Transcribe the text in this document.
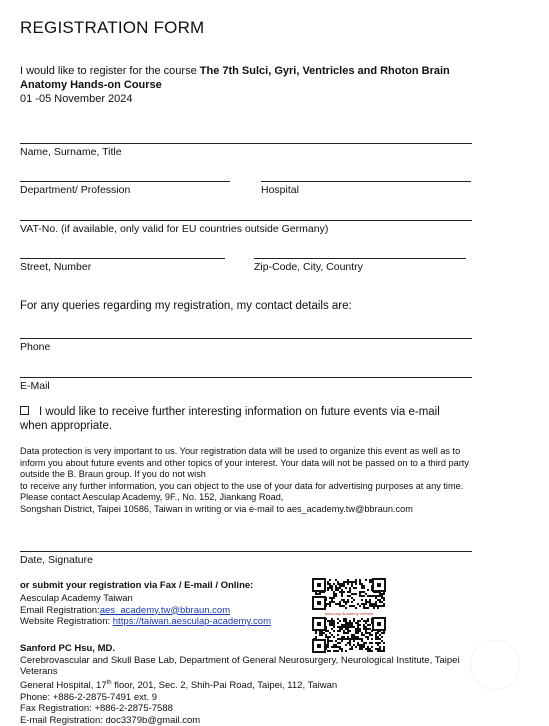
REGISTRATION FORM
I would like to register for the course The 7th Sulci, Gyri, Ventricles and Rhoton Brain Anatomy Hands-on Course
01 -05 November 2024
Name, Surname, Title
Department/ Profession	Hospital
VAT-No. (if available, only valid for EU countries outside Germany)
Street, Number	Zip-Code, City, Country
For any queries regarding my registration, my contact details are:
Phone
E-Mail
I would like to receive further interesting information on future events via e-mail when appropriate.
Data protection is very important to us. Your registration data will be used to organize this event as well as to
inform you about future events and other topics of your interest. Your data will not be passed on to a third party
outside the B. Braun group. If you do not wish
to receive any further information, you can object to the use of your data for advertising purposes at any time.
Please contact Aesculap Academy, 9F., No. 152, Jiankang Road,
Songshan District, Taipei 10586, Taiwan in writing or via e-mail to aes_academy.tw@bbraun.com
Date, Signature
or submit your registration via Fax / E-mail / Online:
Aesculap Academy Taiwan
Email Registration:aes_academy.tw@bbraun.com
Website Registration: https://taiwan.aesculap-academy.com
Aesculap Academy website
Sanford PC Hsu, MD.
Cerebrovascular and Skull Base Lab, Department of General Neurosurgery, Neurological Institute, Taipei Veterans
General Hospital, 17th floor, 201, Sec. 2, Shih-Pai Road, Taipei, 112, Taiwan
Phone: +886-2-2875-7491 ext. 9
Fax Registration: +886-2-2875-7588
E-mail Registration: doc3379b@gmail.com
